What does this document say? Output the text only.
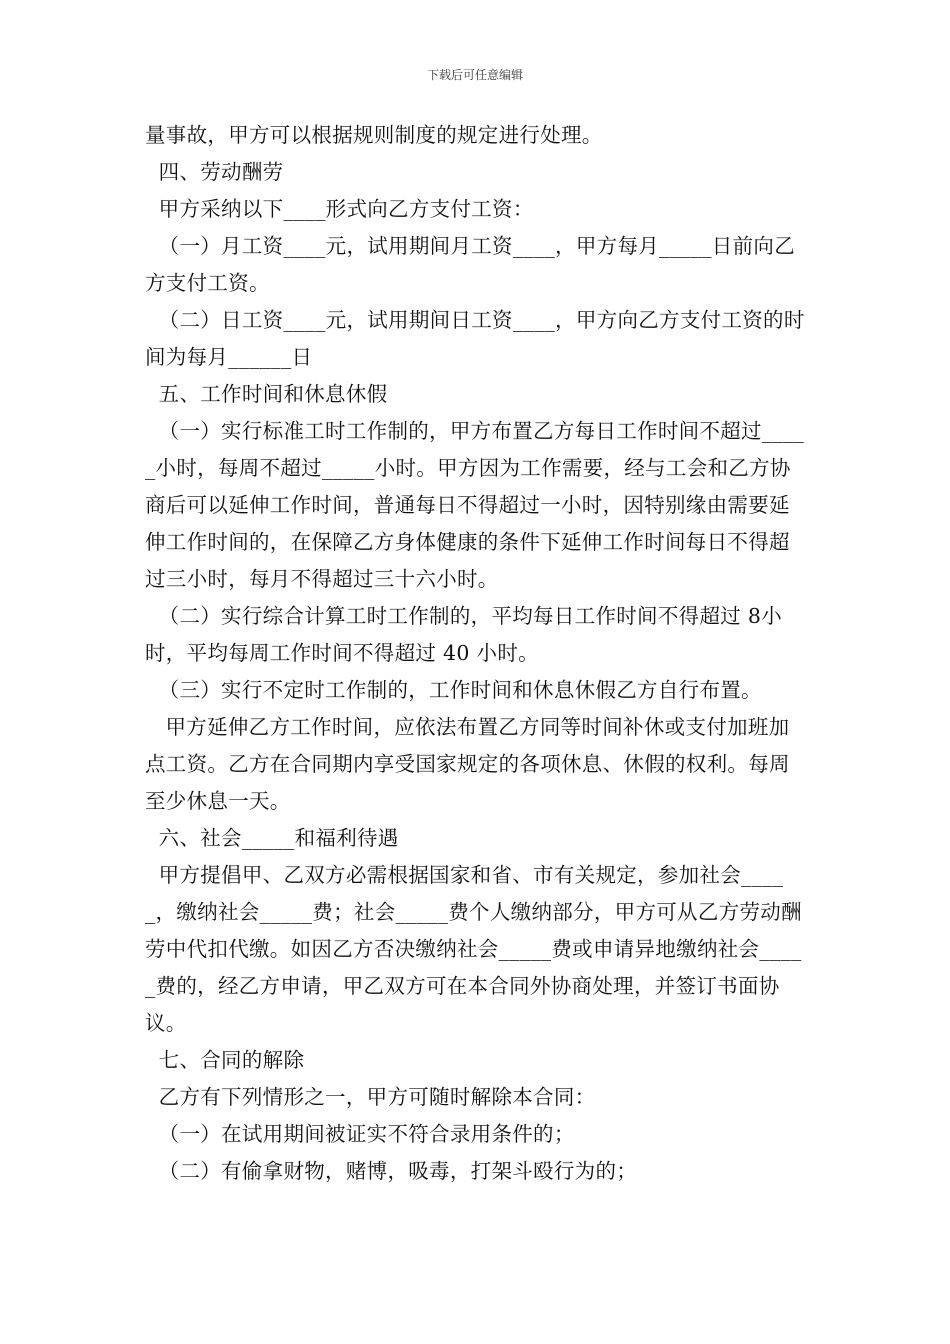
下载后可任意编辑

量事故，甲方可以根据规则制度的规定进行处理。

四、劳动酬劳

甲方采纳以下____形式向乙方支付工资：

（一）月工资____元，试用期间月工资____，甲方每月_____日前向乙方支付工资。

（二）日工资____元，试用期间日工资____，甲方向乙方支付工资的时间为每月______日

五、工作时间和休息休假

（一）实行标准工时工作制的，甲方布置乙方每日工作时间不超过_____小时，每周不超过_____小时。甲方因为工作需要，经与工会和乙方协商后可以延伸工作时间，普通每日不得超过一小时，因特别缘由需要延伸工作时间的，在保障乙方身体健康的条件下延伸工作时间每日不得超过三小时，每月不得超过三十六小时。

（二）实行综合计算工时工作制的，平均每日工作时间不得超过 8小时，平均每周工作时间不得超过 40 小时。

（三）实行不定时工作制的，工作时间和休息休假乙方自行布置。

甲方延伸乙方工作时间，应依法布置乙方同等时间补休或支付加班加点工资。乙方在合同期内享受国家规定的各项休息、休假的权利。每周至少休息一天。

六、社会_____和福利待遇

甲方提倡甲、乙双方必需根据国家和省、市有关规定，参加社会_____，缴纳社会_____费；社会_____费个人缴纳部分，甲方可从乙方劳动酬劳中代扣代缴。如因乙方否决缴纳社会_____费或申请异地缴纳社会_____费的，经乙方申请，甲乙双方可在本合同外协商处理，并签订书面协议。

七、合同的解除

乙方有下列情形之一，甲方可随时解除本合同：

（一）在试用期间被证实不符合录用条件的；

（二）有偷拿财物，赌博，吸毒，打架斗殴行为的；
